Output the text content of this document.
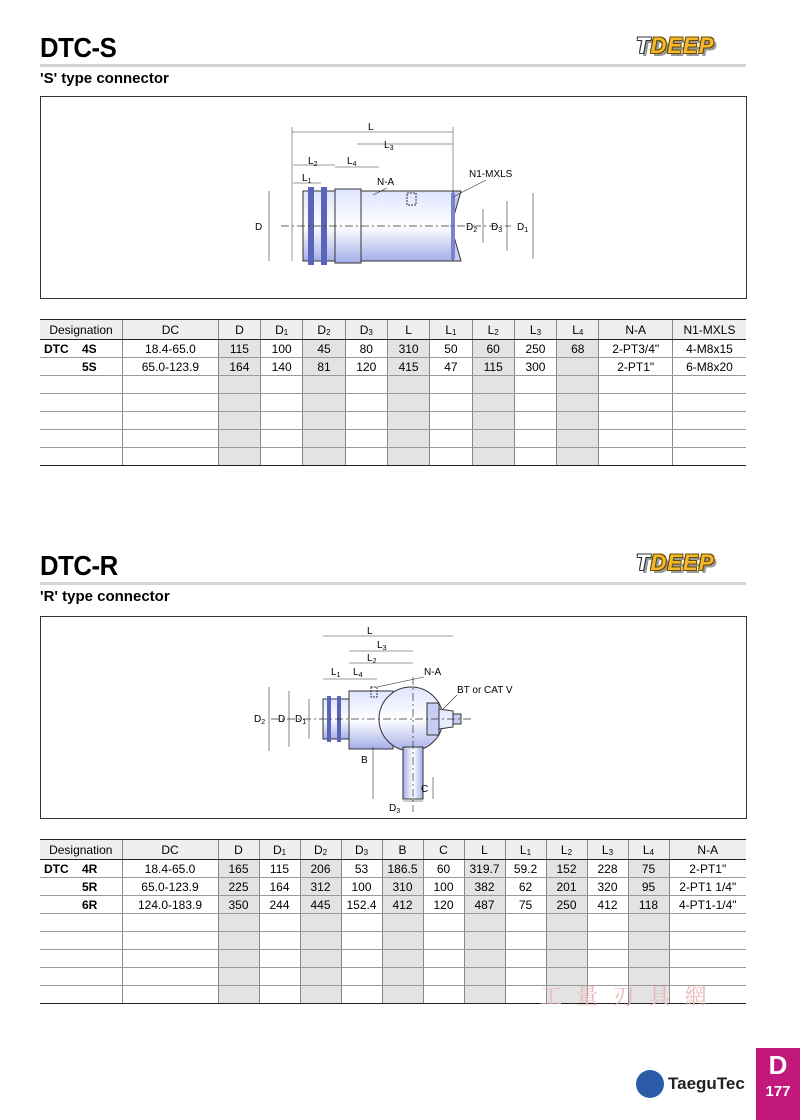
DTC-S	TDEEP
'S' type connector
L
$L_3$
$L_2$	$L_4$
$L_1$	N-A
N1-MXLS
D	$D_2$ $D_3$ $D_1$
Designation	DC	D	$D_1$	$D_2$	$D_3$	L	$L_1$	$L_2$	$L_3$	$L_4$	N-A	N1-MXLS
DTC 4S	18.4-65.0	115	100	45	80	310	50	60	250	68	2-PT3/4"	4-M8x15
5S	65.0-123.9	164	140	81	120	415	47	115	300		2-PT1"	6-M8x20

DTC-R	TDEEP
'R' type connector
L
$L_3$
$L_2$
$L_1$ $L_4$	N-A
BT or CAT V
$D_2$ D $D_1$
B
C
$D_3$
Designation	DC	D	$D_1$	$D_2$	$D_3$	B	C	L	$L_1$	$L_2$	$L_3$	$L_4$	N-A
DTC 4R	18.4-65.0	165	115	206	53	186.5	60	319.7	59.2	152	228	75	2-PT1"
5R	65.0-123.9	225	164	312	100	310	100	382	62	201	320	95	2-PT1 1/4"
6R	124.0-183.9	350	244	445	152.4	412	120	487	75	250	412	118	4-PT1-1/4"

工 量 刃 具 網
TaeguTec
D
177
